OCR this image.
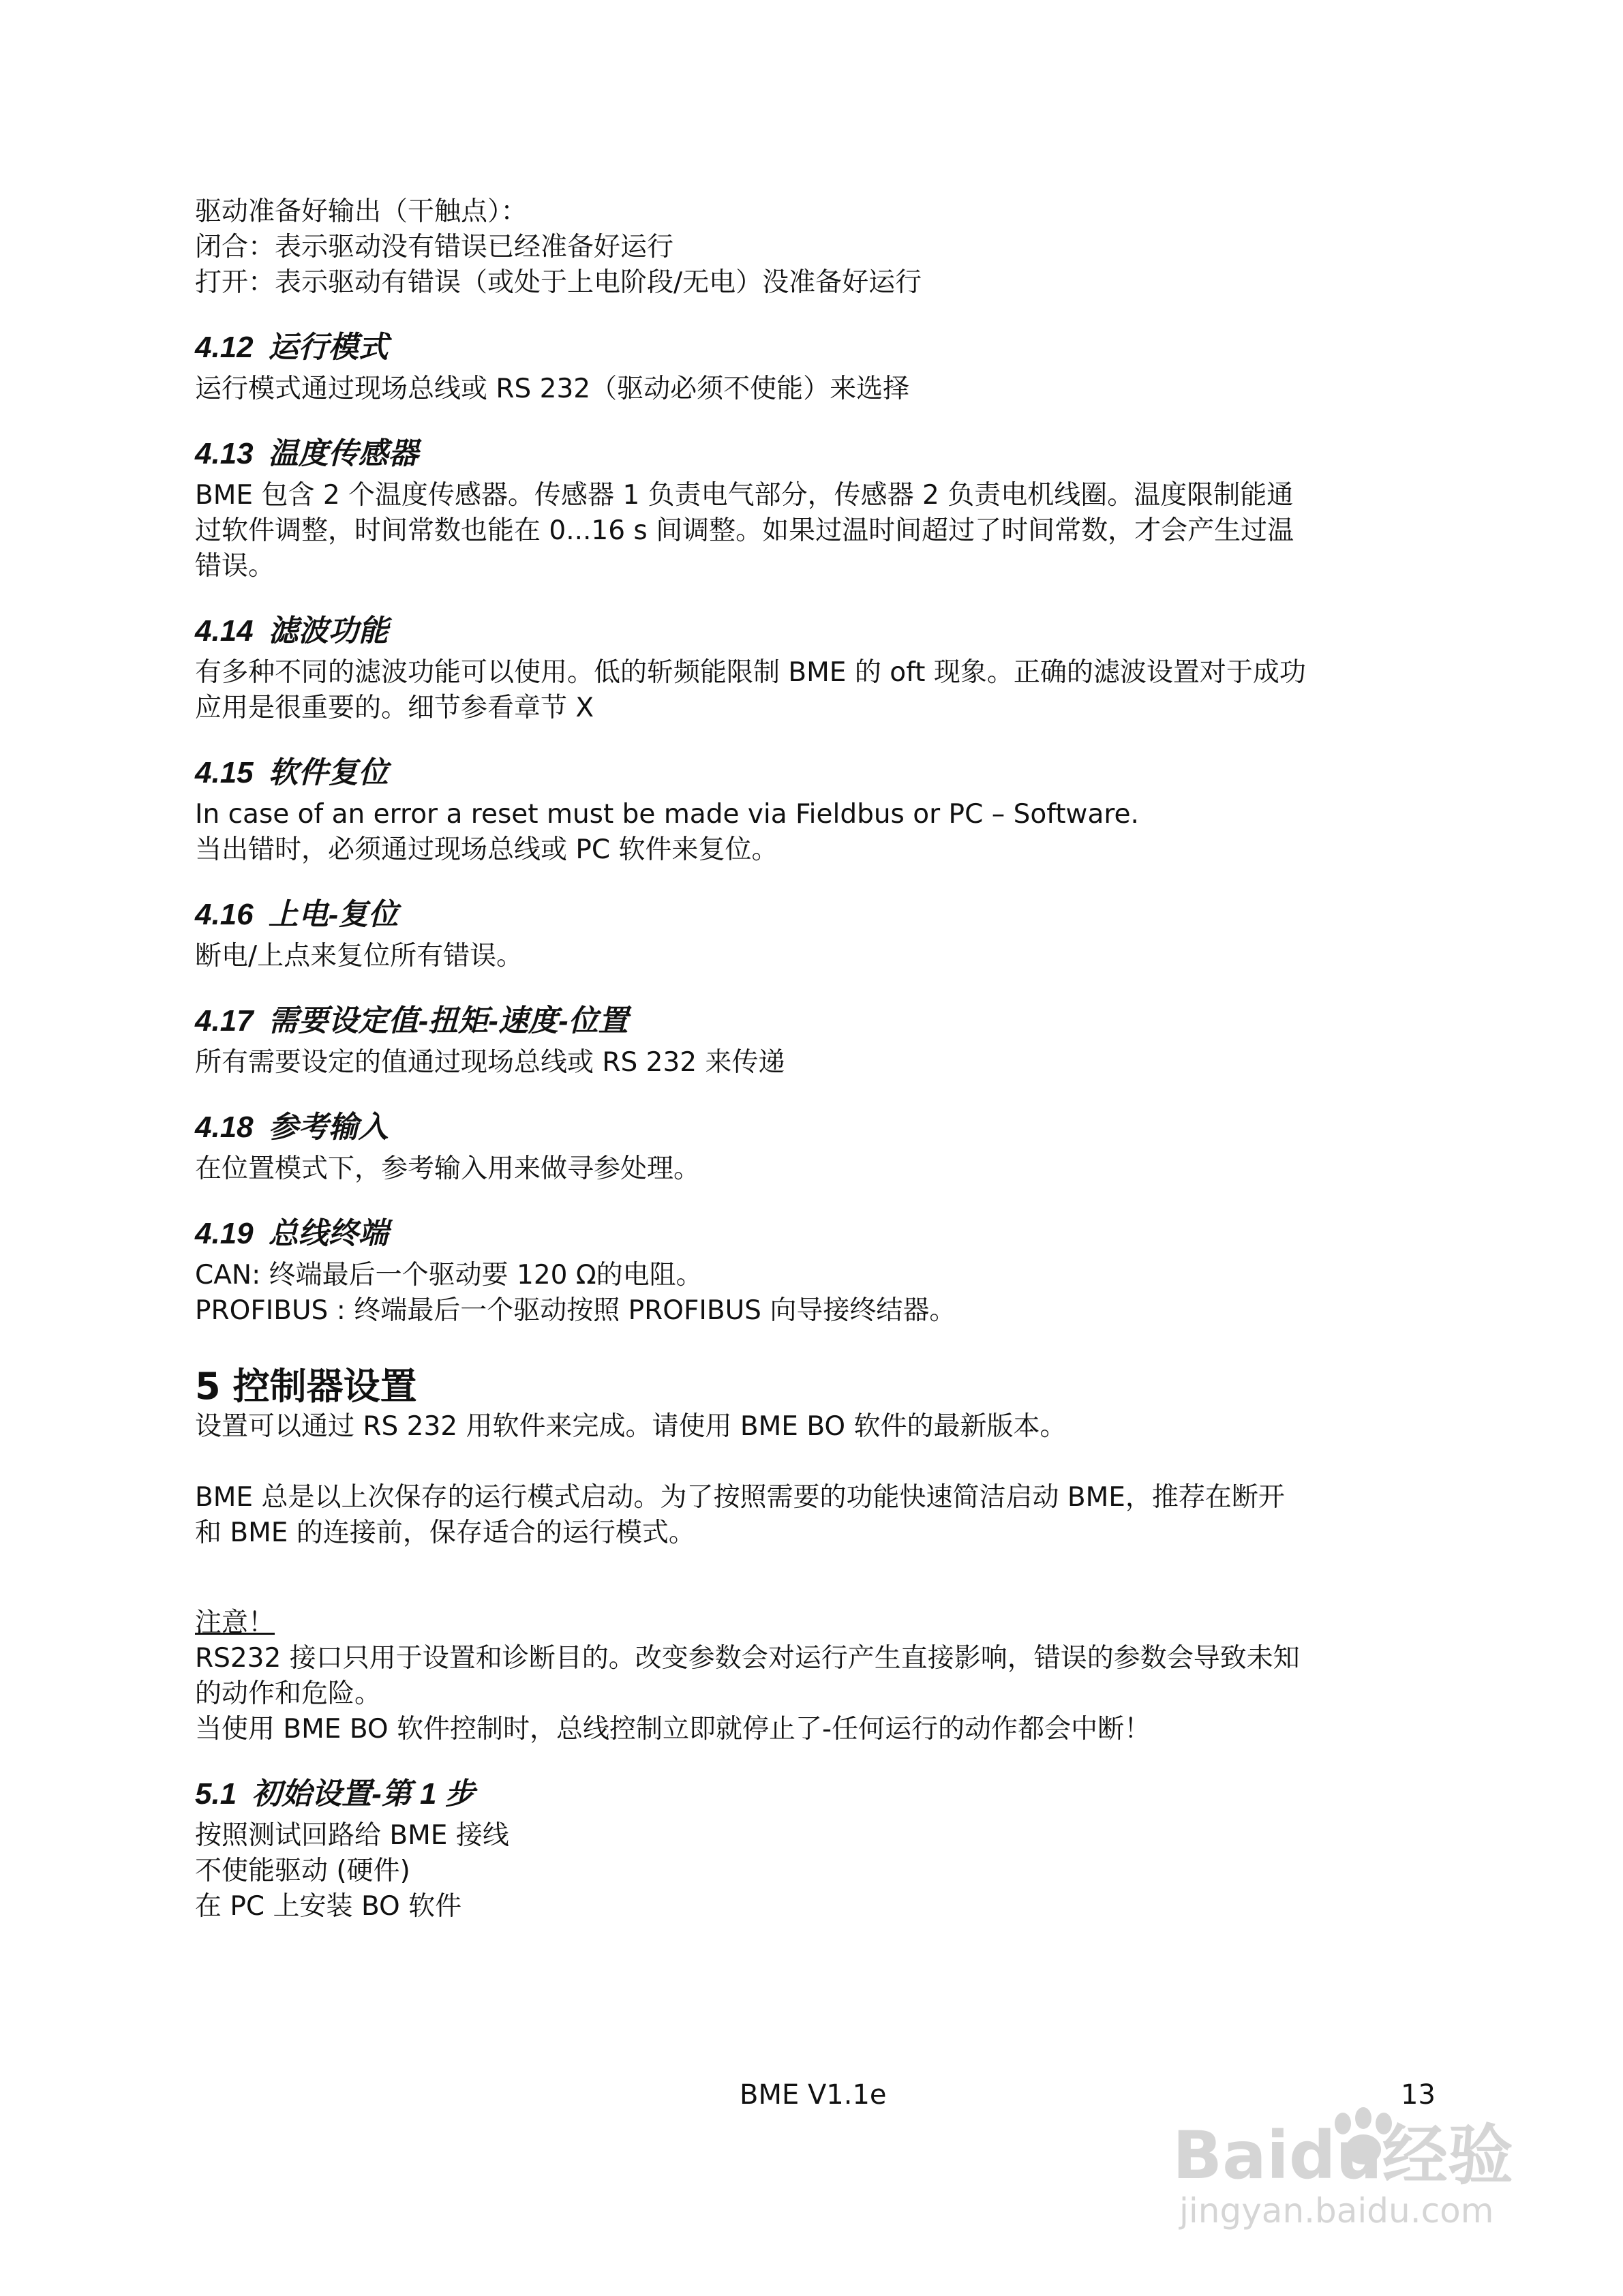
驱动准备好输出（干触点）：

闭合：表示驱动没有错误已经准备好运行

打开：表示驱动有错误（或处于上电阶段/无电）没准备好运行

4.12 运行模式

运行模式通过现场总线或 RS 232（驱动必须不使能）来选择

4.13 温度传感器

BME 包含 2 个温度传感器。传感器 1 负责电气部分，传感器 2 负责电机线圈。温度限制能通

过软件调整，时间常数也能在 0...16 s 间调整。如果过温时间超过了时间常数，才会产生过温

错误。

4.14 滤波功能

有多种不同的滤波功能可以使用。低的斩频能限制 BME 的 oft 现象。正确的滤波设置对于成功

应用是很重要的。细节参看章节 X

4.15 软件复位

In case of an error a reset must be made via Fieldbus or PC – Software.

当出错时，必须通过现场总线或 PC 软件来复位。

4.16 上电-复位

断电/上点来复位所有错误。

4.17 需要设定值-扭矩-速度-位置

所有需要设定的值通过现场总线或 RS 232 来传递

4.18 参考输入

在位置模式下，参考输入用来做寻参处理。

4.19 总线终端

CAN: 终端最后一个驱动要 120 Ω的电阻。

PROFIBUS : 终端最后一个驱动按照 PROFIBUS 向导接终结器。

5 控制器设置

设置可以通过 RS 232 用软件来完成。请使用 BME BO 软件的最新版本。

BME 总是以上次保存的运行模式启动。为了按照需要的功能快速简洁启动 BME，推荐在断开

和 BME 的连接前，保存适合的运行模式。

注意！

RS232 接口只用于设置和诊断目的。改变参数会对运行产生直接影响，错误的参数会导致未知

的动作和危险。

当使用 BME BO 软件控制时，总线控制立即就停止了-任何运行的动作都会中断！

5.1 初始设置-第 1 步

按照测试回路给 BME 接线

不使能驱动 (硬件)

在 PC 上安装 BO 软件

BME V1.1e	13
Baidu经验
jingyan.baidu.com
